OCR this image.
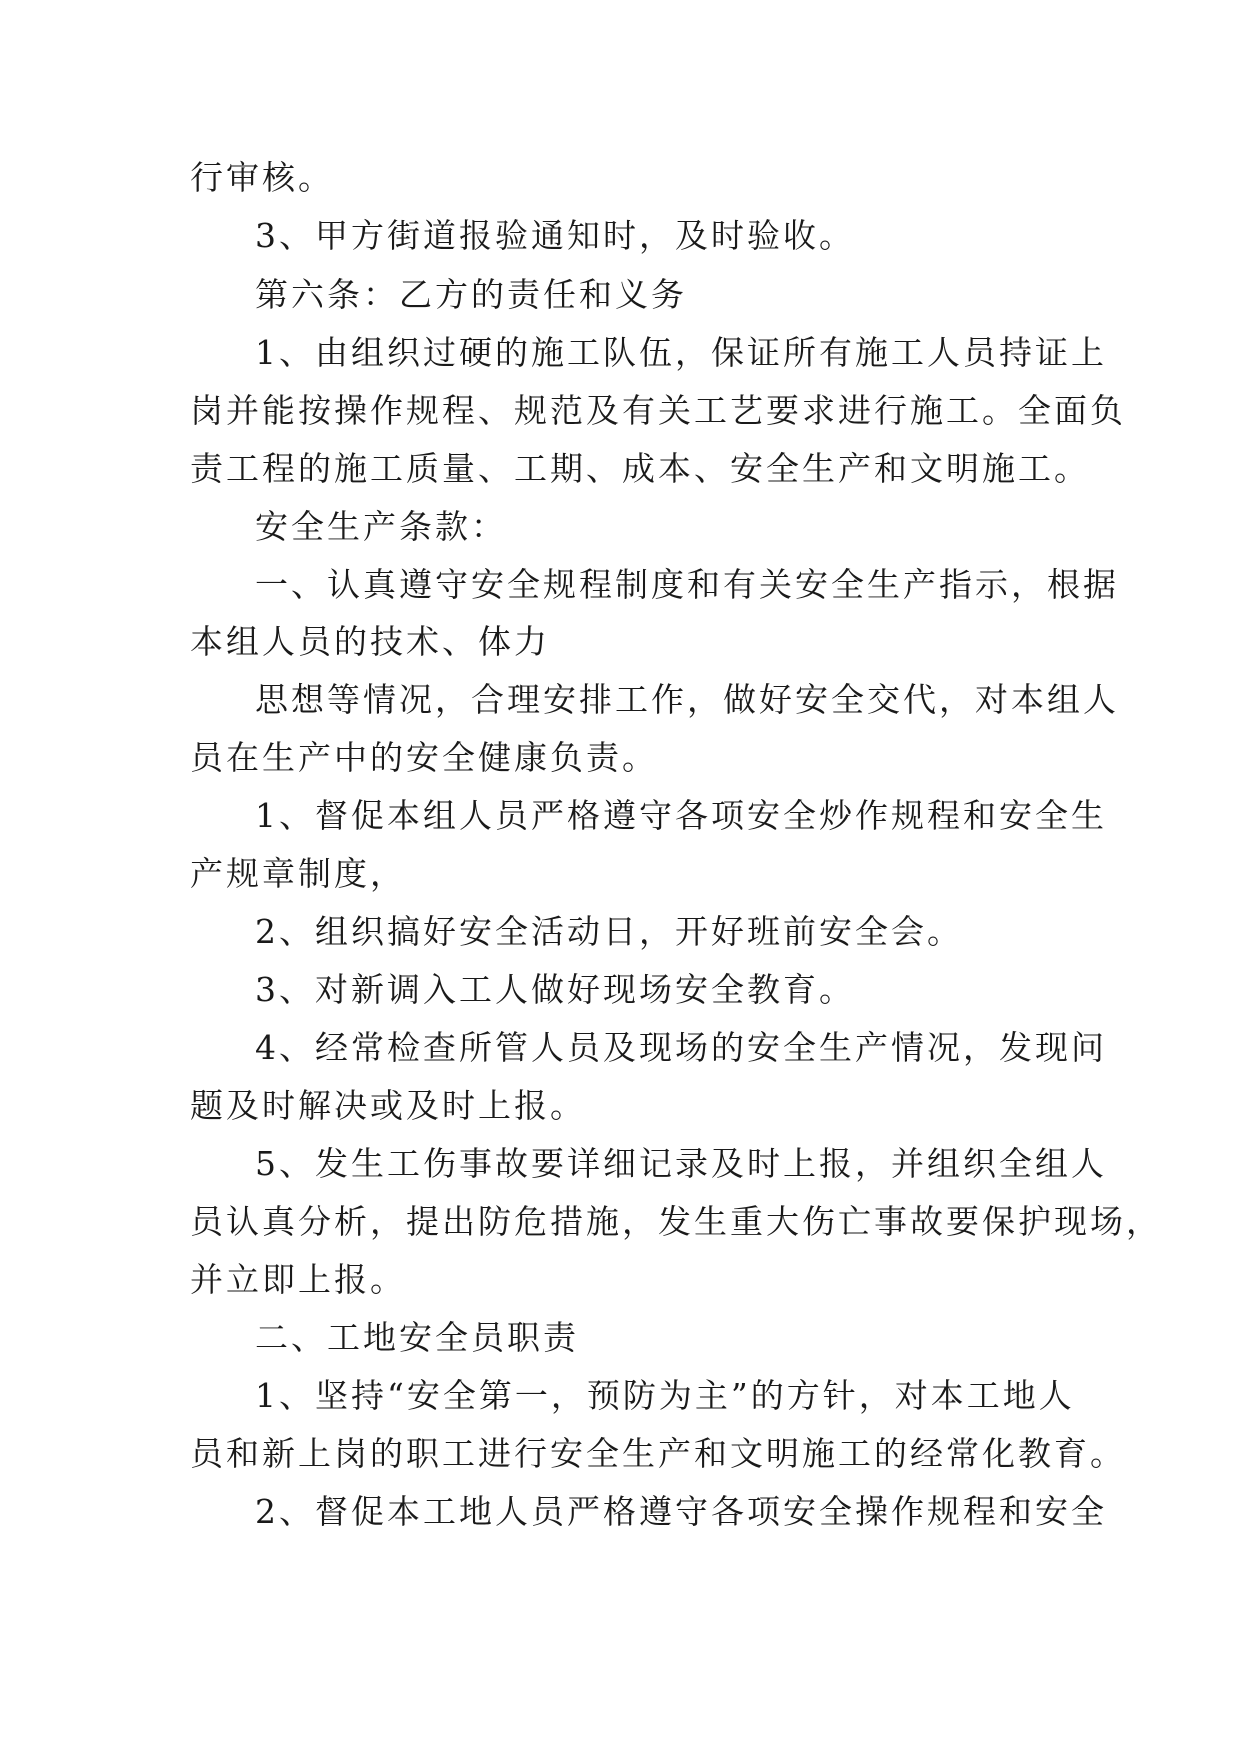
行审核。
3、甲方街道报验通知时，及时验收。
第六条：乙方的责任和义务
1、由组织过硬的施工队伍，保证所有施工人员持证上
岗并能按操作规程、规范及有关工艺要求进行施工。全面负
责工程的施工质量、工期、成本、安全生产和文明施工。
安全生产条款：
一、认真遵守安全规程制度和有关安全生产指示，根据
本组人员的技术、体力
思想等情况，合理安排工作，做好安全交代，对本组人
员在生产中的安全健康负责。
1、督促本组人员严格遵守各项安全炒作规程和安全生
产规章制度，
2、组织搞好安全活动日，开好班前安全会。
3、对新调入工人做好现场安全教育。
4、经常检查所管人员及现场的安全生产情况，发现问
题及时解决或及时上报。
5、发生工伤事故要详细记录及时上报，并组织全组人
员认真分析，提出防危措施，发生重大伤亡事故要保护现场，
并立即上报。
二、工地安全员职责
1、坚持“安全第一，预防为主”的方针，对本工地人
员和新上岗的职工进行安全生产和文明施工的经常化教育。
2、督促本工地人员严格遵守各项安全操作规程和安全
